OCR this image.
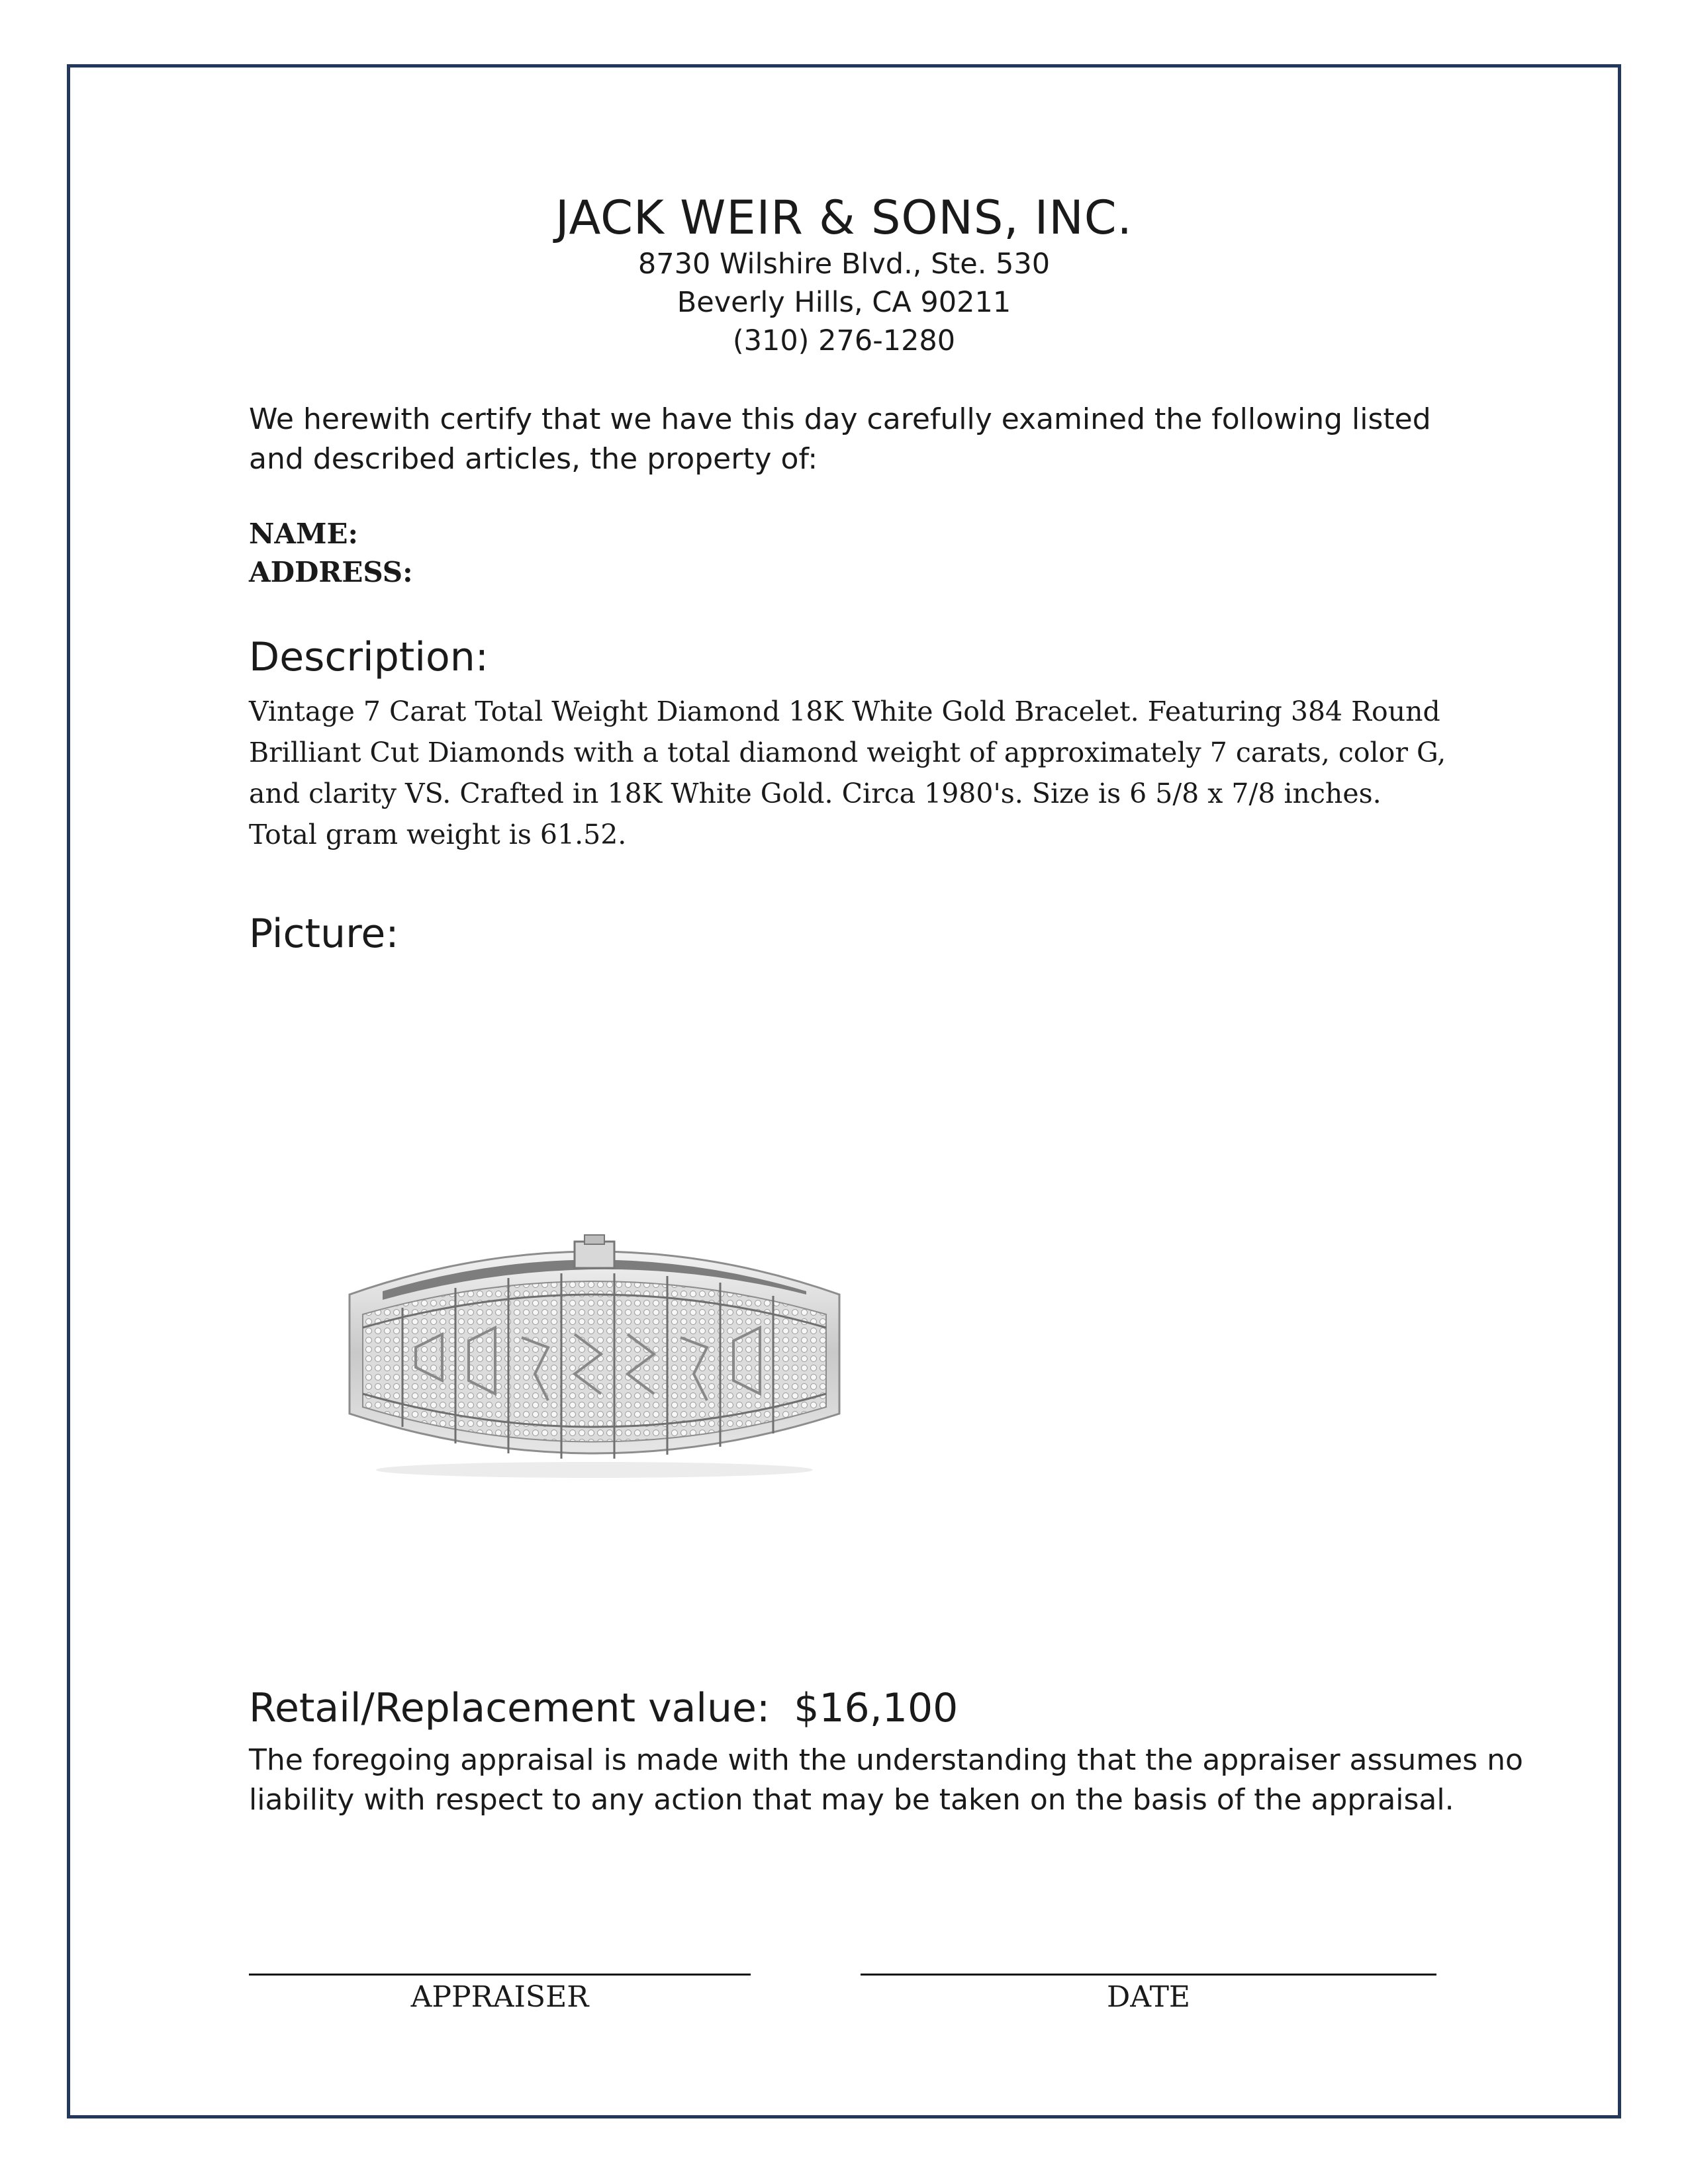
JACK WEIR & SONS, INC.
8730 Wilshire Blvd., Ste. 530
Beverly Hills, CA 90211
(310) 276-1280
We herewith certify that we have this day carefully examined the following listed and described articles, the property of:
NAME:
ADDRESS:
Description:
Vintage 7 Carat Total Weight Diamond 18K White Gold Bracelet. Featuring 384 Round Brilliant Cut Diamonds with a total diamond weight of approximately 7 carats, color G, and clarity VS. Crafted in 18K White Gold. Circa 1980's. Size is 6 5/8 x 7/8 inches. Total gram weight is 61.52.
Picture:
Retail/Replacement value: $16,100
The foregoing appraisal is made with the understanding that the appraiser assumes no liability with respect to any action that may be taken on the basis of the appraisal.
APPRAISER	DATE
